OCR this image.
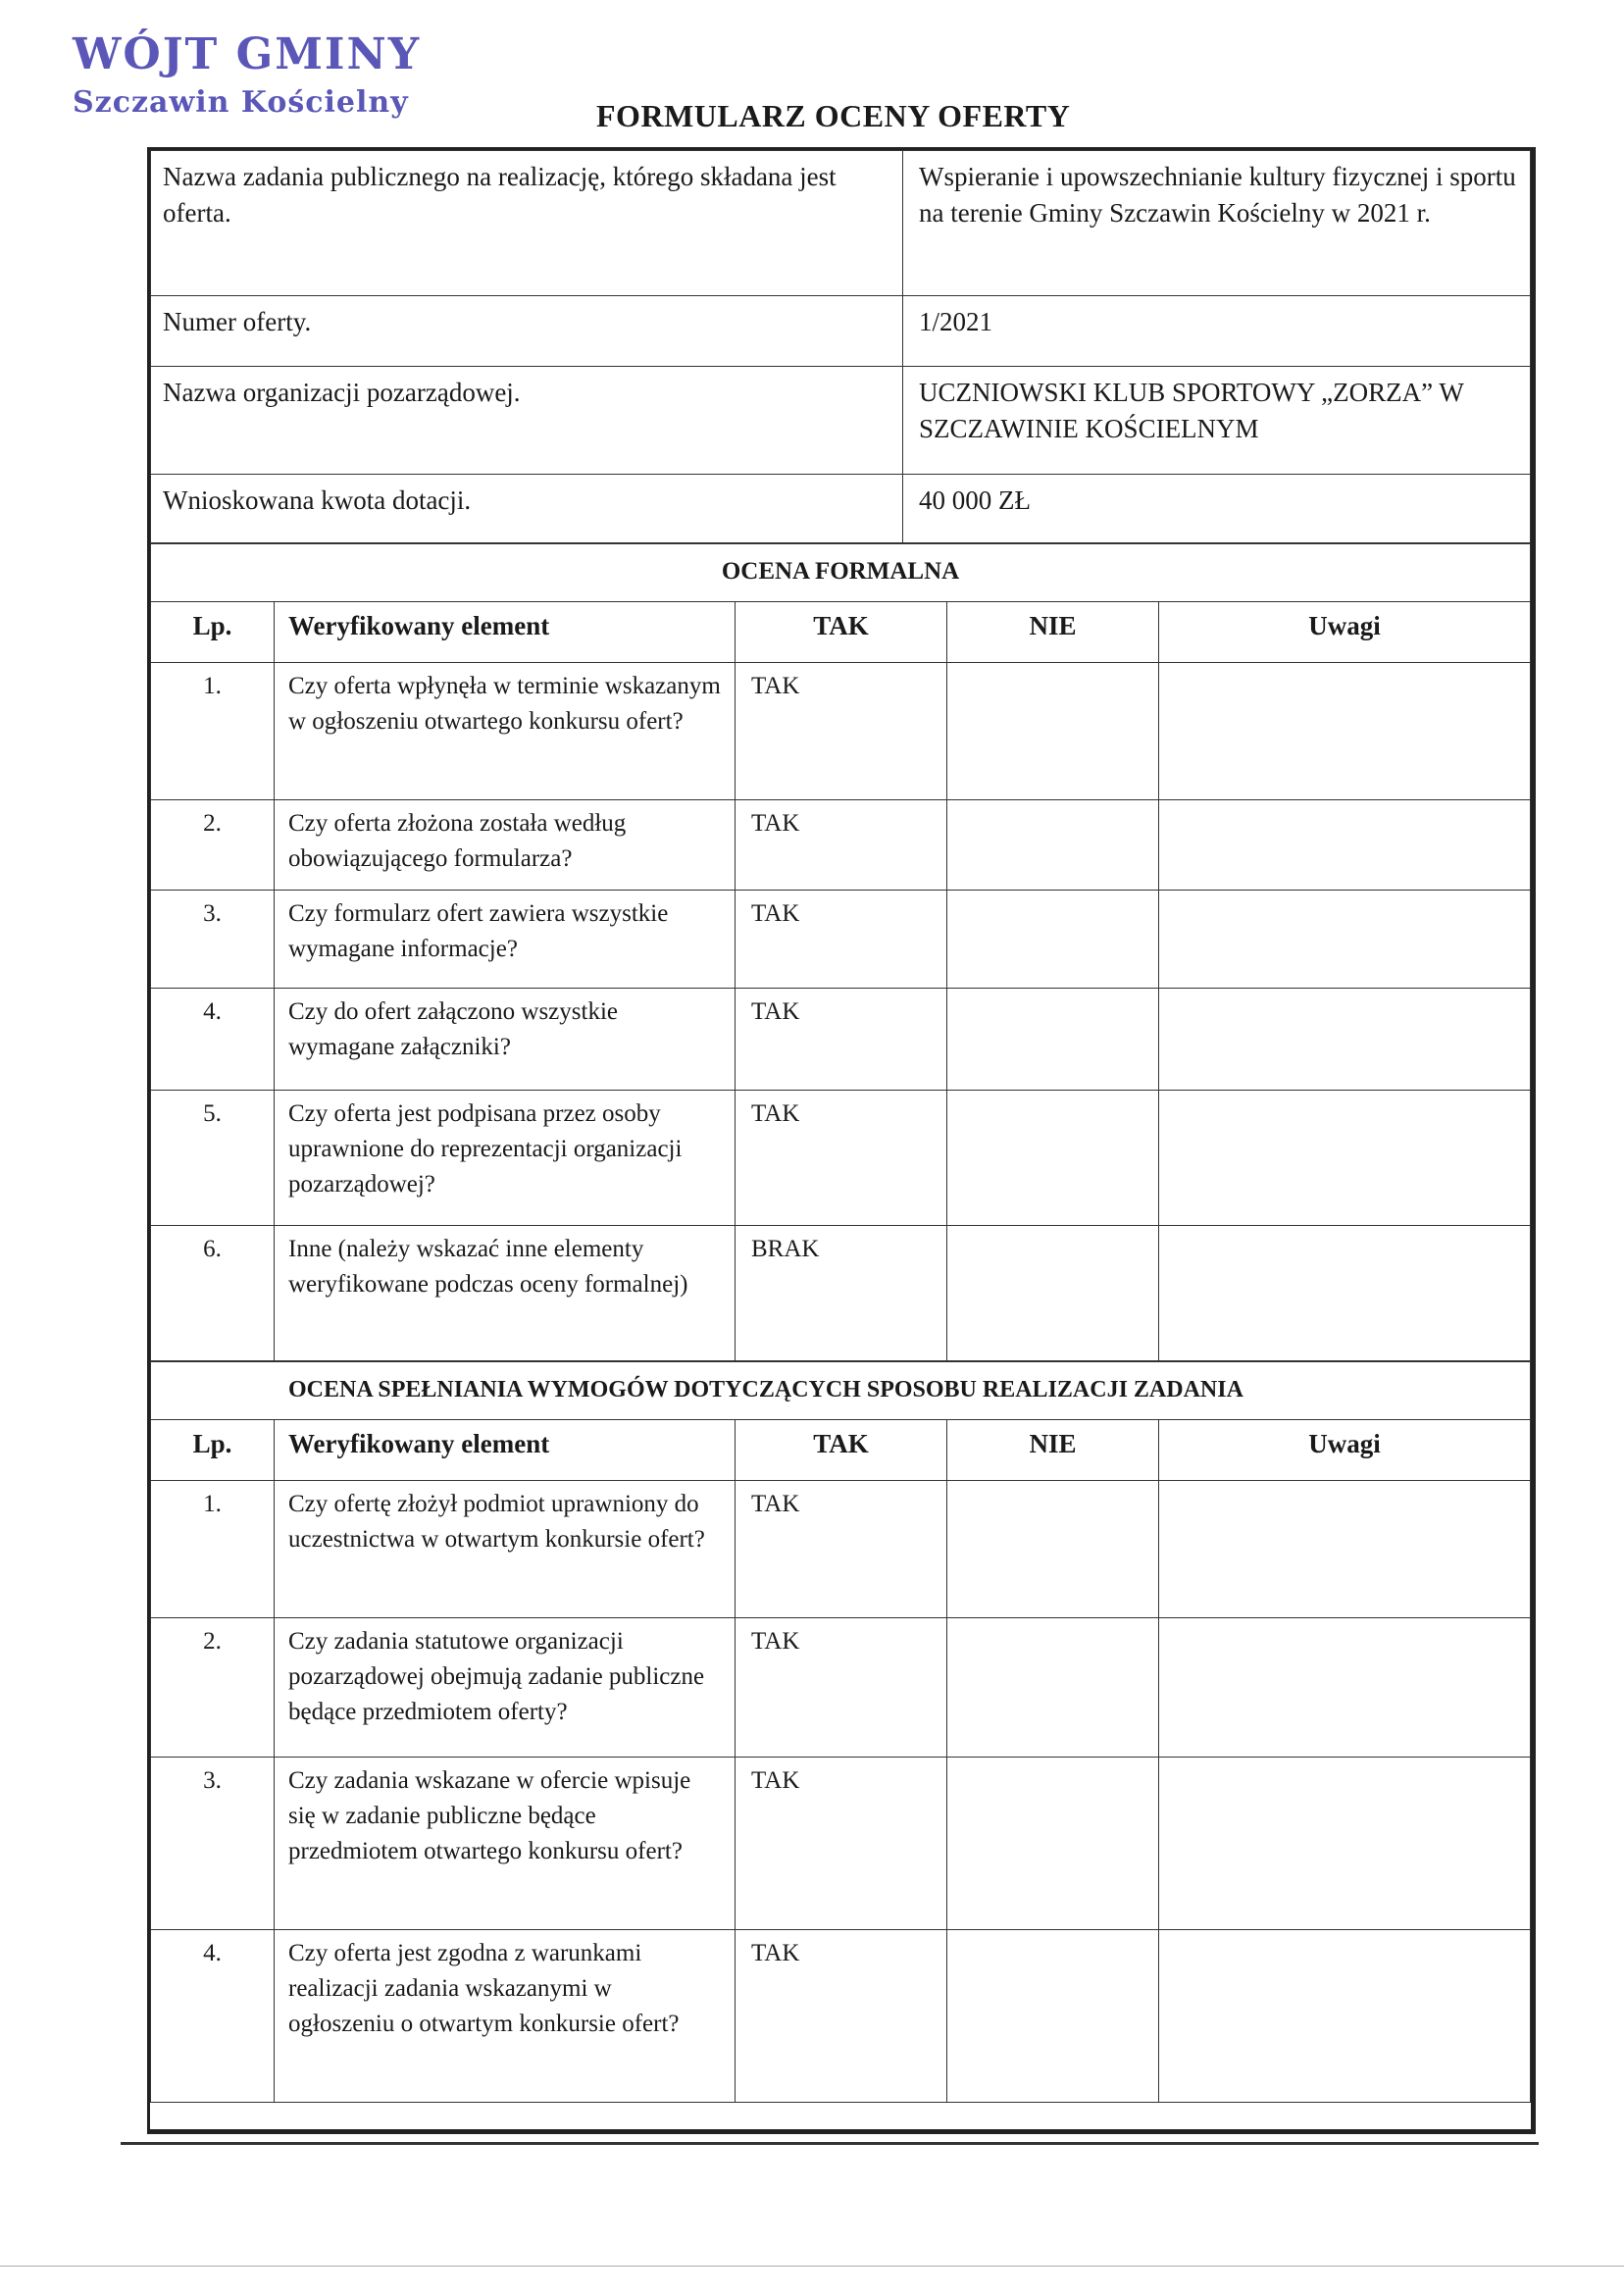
WÓJT GMINY
Szczawin Kościelny	FORMULARZ OCENY OFERTY
Nazwa zadania publicznego na realizację, którego składana jest oferta.	Wspieranie i upowszechnianie kultury fizycznej i sportu na terenie Gminy Szczawin Kościelny w 2021 r.
Numer oferty.	1/2021
Nazwa organizacji pozarządowej.	UCZNIOWSKI KLUB SPORTOWY „ZORZA” W SZCZAWINIE KOŚCIELNYM
Wnioskowana kwota dotacji.	40 000 ZŁ
OCENA FORMALNA				
Lp.	Weryfikowany element	TAK	NIE	Uwagi
1.	Czy oferta wpłynęła w terminie wskazanym w ogłoszeniu otwartego konkursu ofert?	TAK		
2.	Czy oferta złożona została według obowiązującego formularza?	TAK		
3.	Czy formularz ofert zawiera wszystkie wymagane informacje?	TAK		
4.	Czy do ofert załączono wszystkie wymagane załączniki?	TAK		
5.	Czy oferta jest podpisana przez osoby uprawnione do reprezentacji organizacji pozarządowej?	TAK		
6.	Inne (należy wskazać inne elementy weryfikowane podczas oceny formalnej)	BRAK		
OCENA SPEŁNIANIA WYMOGÓW DOTYCZĄCYCH SPOSOBU REALIZACJI ZADANIA				
Lp.	Weryfikowany element	TAK	NIE	Uwagi
1.	Czy ofertę złożył podmiot uprawniony do uczestnictwa w otwartym konkursie ofert?	TAK		
2.	Czy zadania statutowe organizacji pozarządowej obejmują zadanie publiczne będące przedmiotem oferty?	TAK		
3.	Czy zadania wskazane w ofercie wpisuje się w zadanie publiczne będące przedmiotem otwartego konkursu ofert?	TAK		
4.	Czy oferta jest zgodna z warunkami realizacji zadania wskazanymi w ogłoszeniu o otwartym konkursie ofert?	TAK		
